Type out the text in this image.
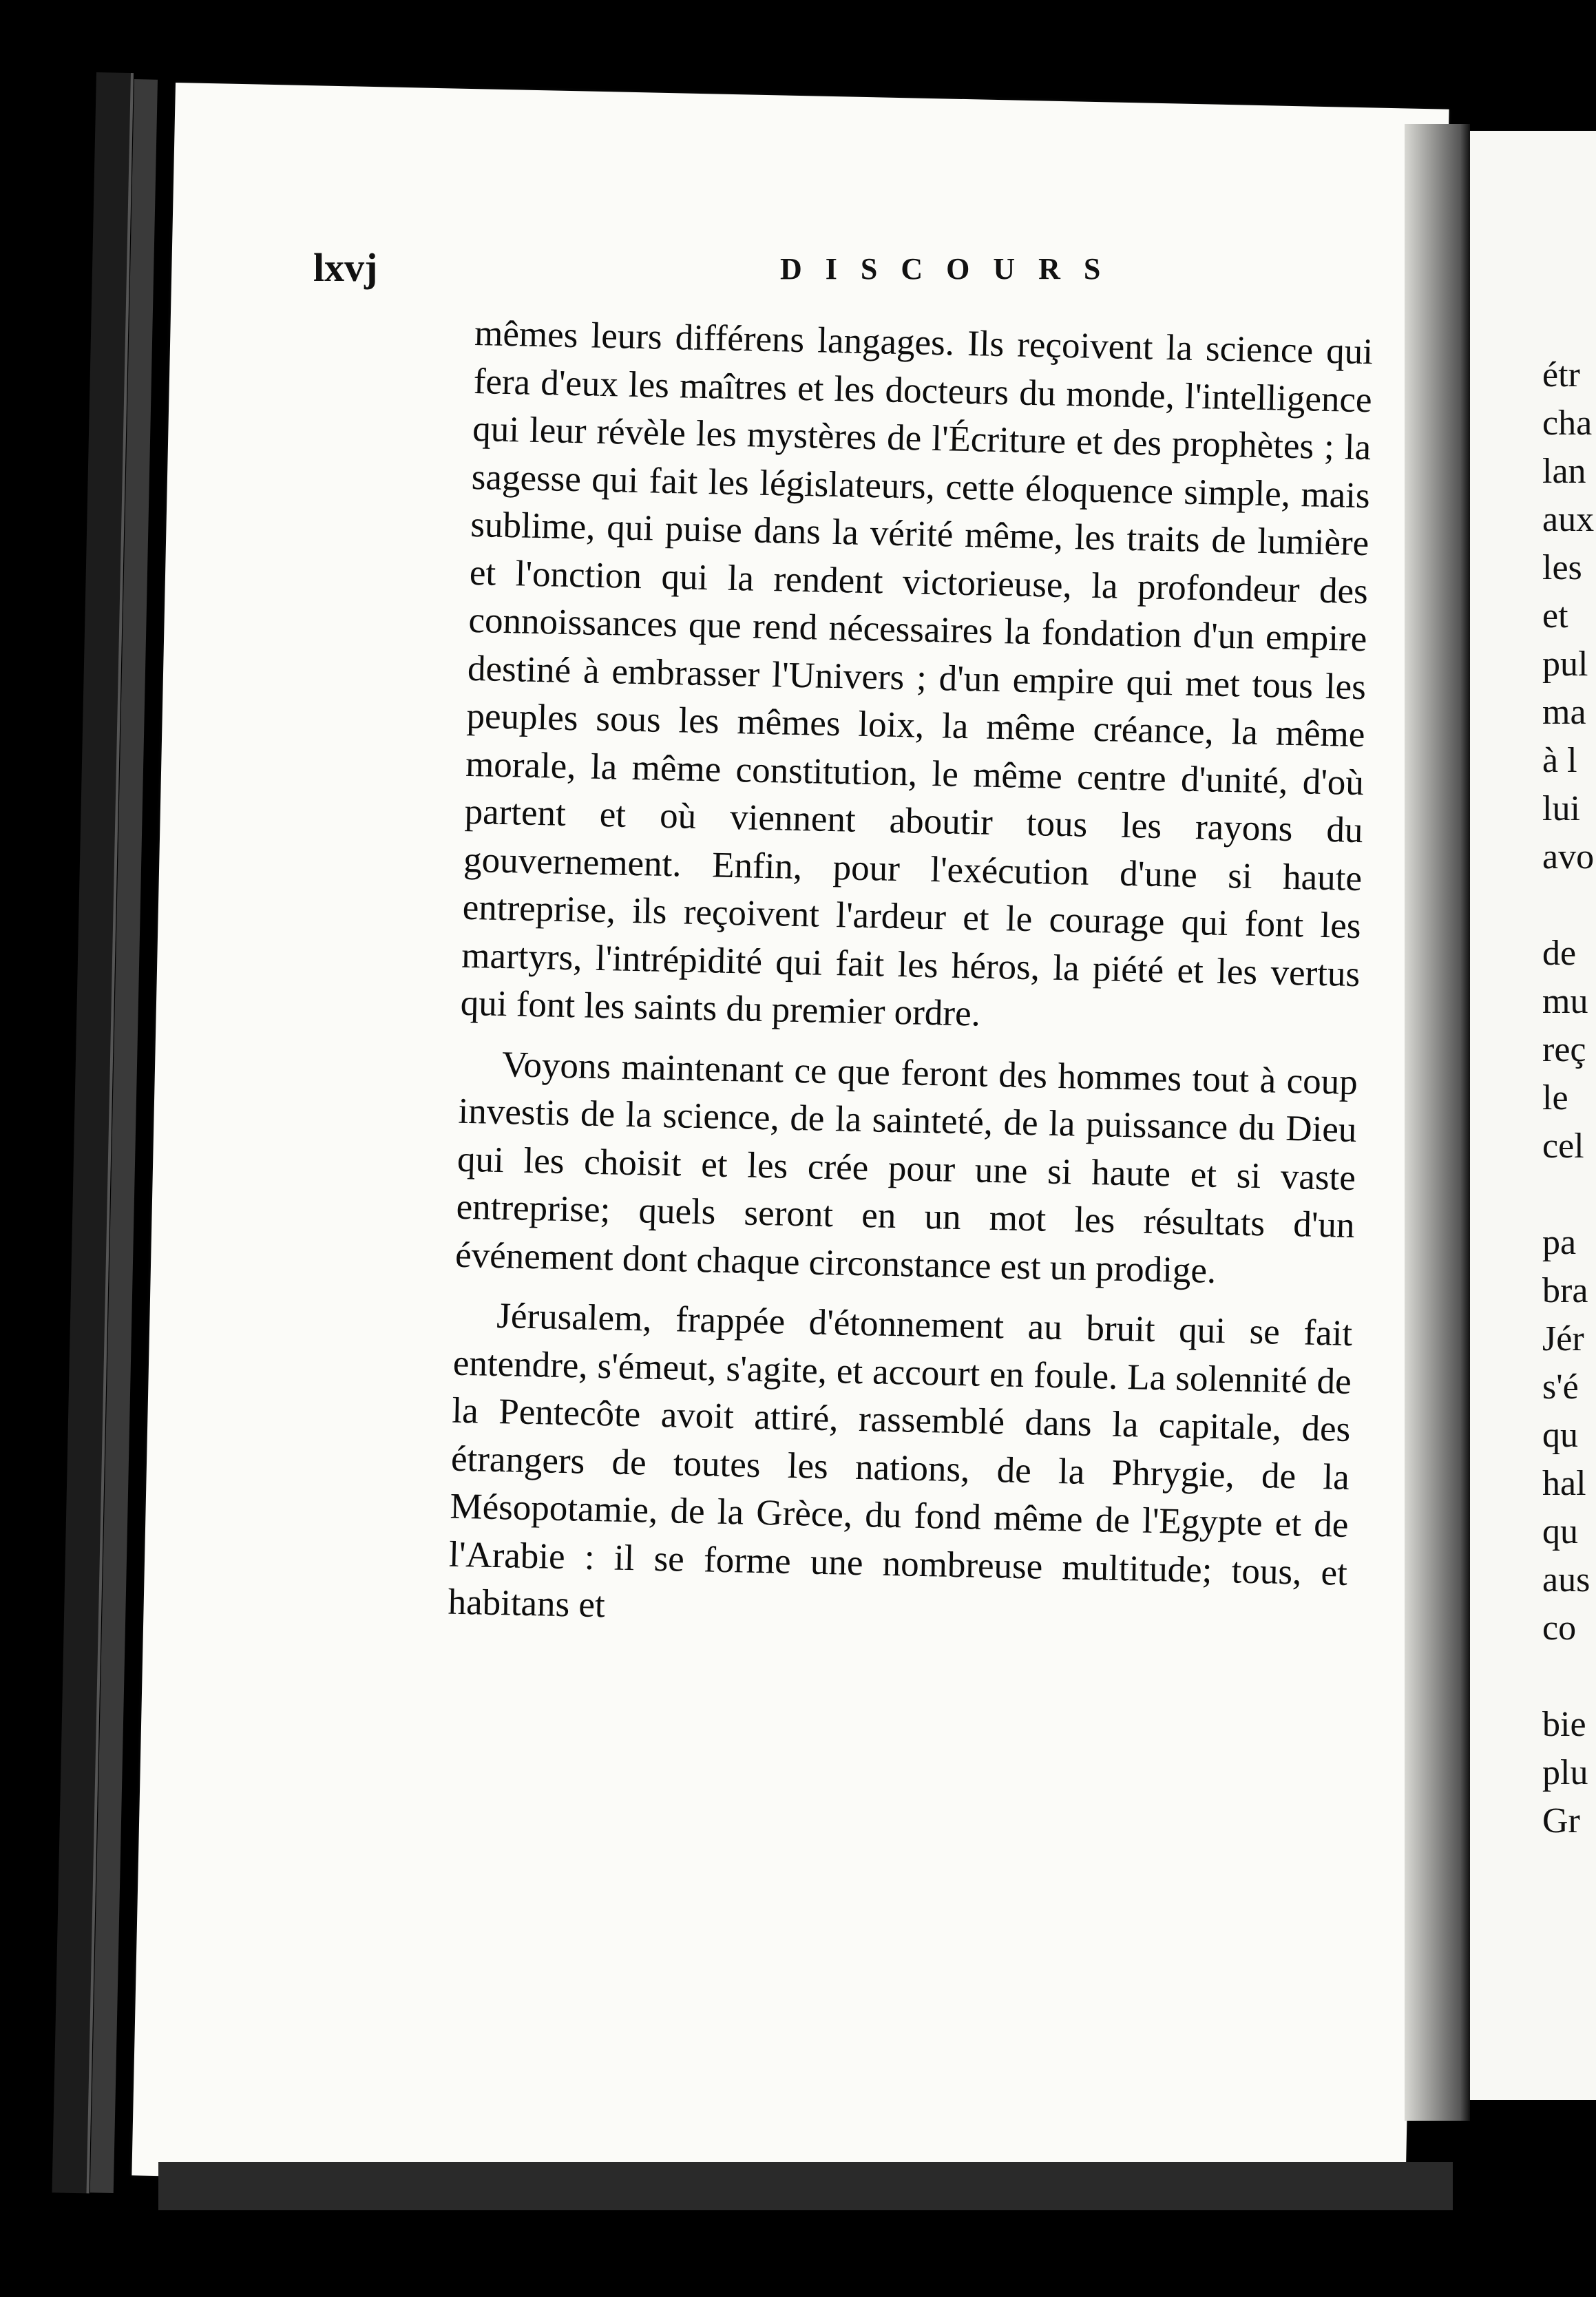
lxvj	DISCOURS

mêmes leurs différens langages. Ils reçoivent la science qui fera d'eux les maîtres et les docteurs du monde, l'intelligence qui leur révèle les mystères de l'Écriture et des prophètes ; la sagesse qui fait les législateurs, cette éloquence simple, mais sublime, qui puise dans la vérité même, les traits de lumière et l'onction qui la rendent victorieuse, la profondeur des connoissances que rend nécessaires la fondation d'un empire destiné à embrasser l'Univers ; d'un empire qui met tous les peuples sous les mêmes loix, la même créance, la même morale, la même constitution, le même centre d'unité, d'où partent et où viennent aboutir tous les rayons du gouvernement. Enfin, pour l'exécution d'une si haute entreprise, ils reçoivent l'ardeur et le courage qui font les martyrs, l'intrépidité qui fait les héros, la piété et les vertus qui font les saints du premier ordre.

Voyons maintenant ce que feront des hommes tout à coup investis de la science, de la sainteté, de la puissance du Dieu qui les choisit et les crée pour une si haute et si vaste entreprise; quels seront en un mot les résultats d'un événement dont chaque circonstance est un prodige.

Jérusalem, frappée d'étonnement au bruit qui se fait entendre, s'émeut, s'agite, et accourt en foule. La solennité de la Pentecôte avoit attiré, rassemblé dans la capitale, des étrangers de toutes les nations, de la Phrygie, de la Mésopotamie, de la Grèce, du fond même de l'Egypte et de l'Arabie : il se forme une nombreuse multitude; tous, et habitans et

étr
cha
lan
aux
les
et
pul
ma
à l
lui
avo
de
mu
reç
le
cel
pa
bra
Jér
s'é
qu
hal
qu
aus
co
bie
plu
Gr
